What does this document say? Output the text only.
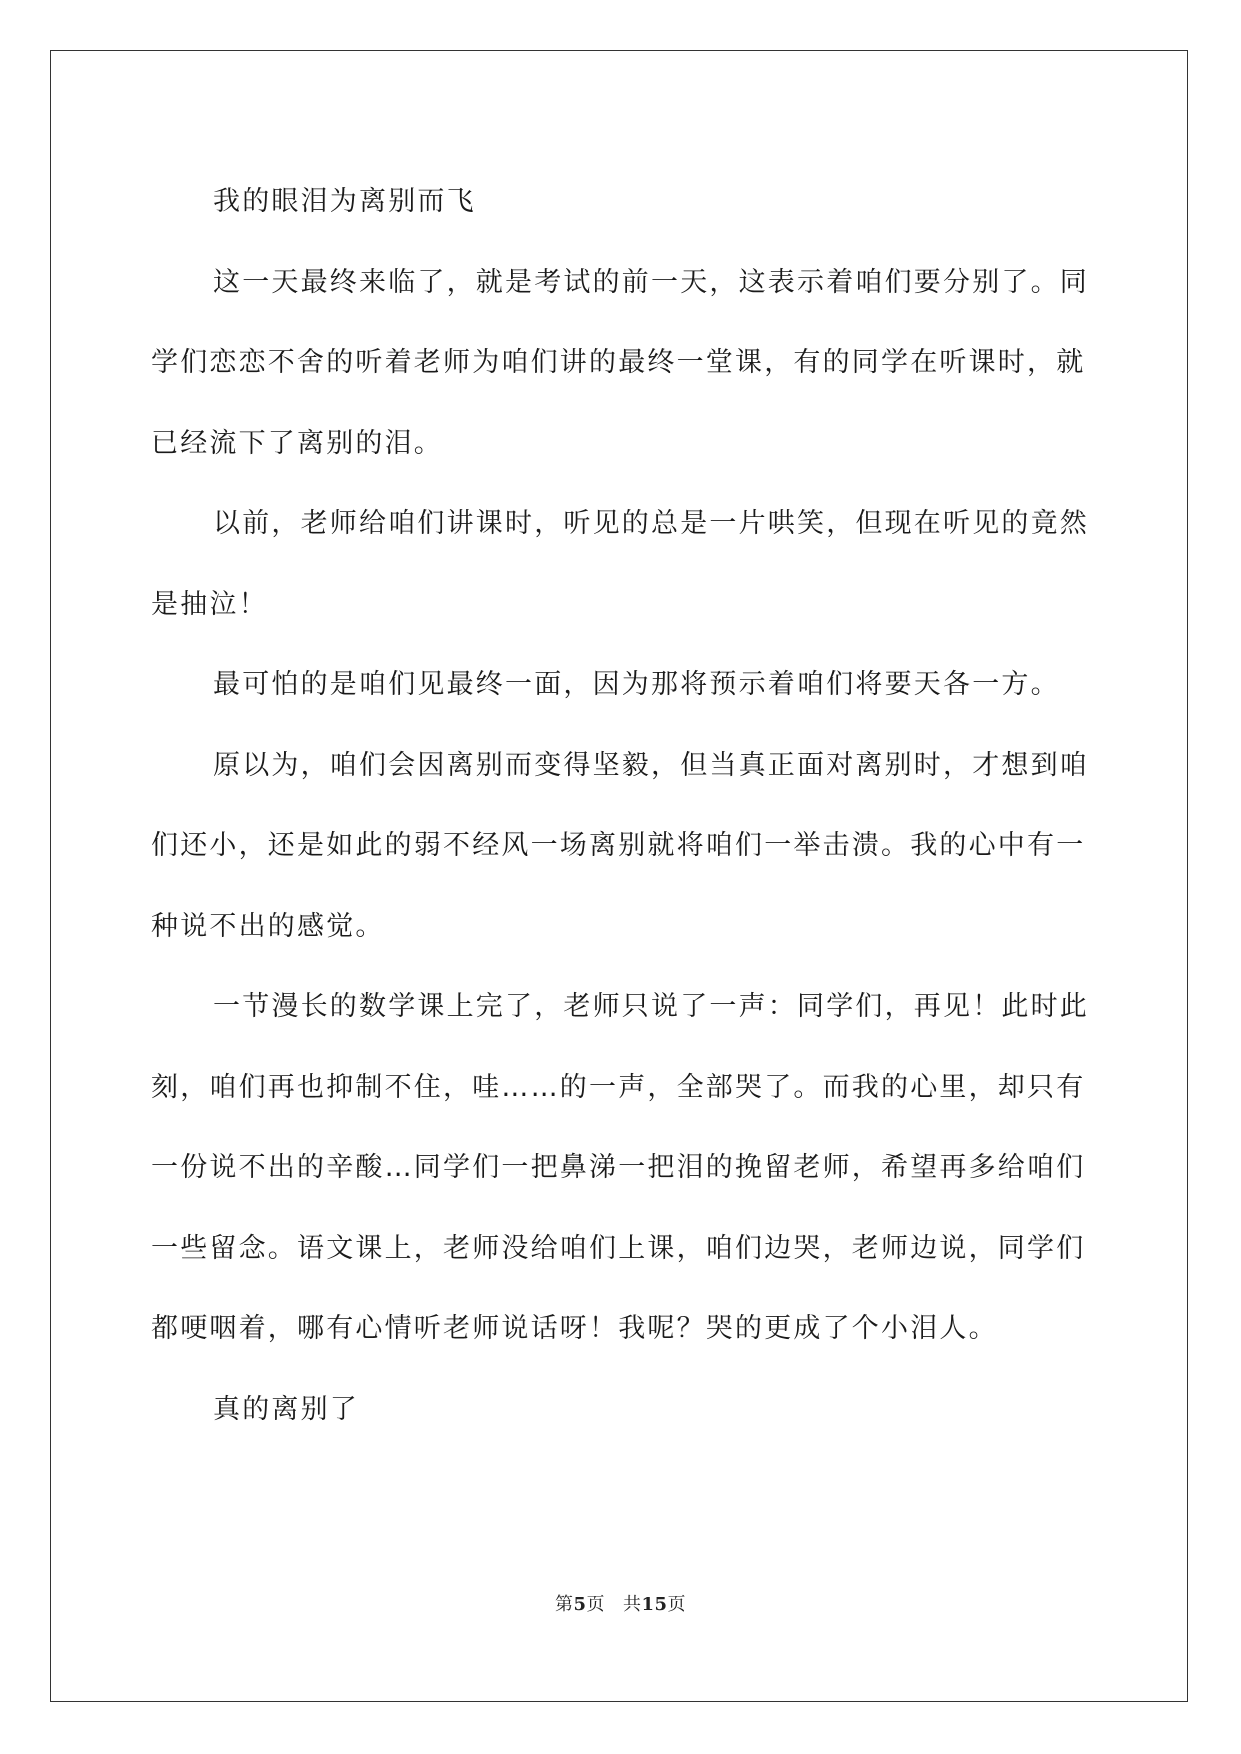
我的眼泪为离别而飞

这一天最终来临了，就是考试的前一天，这表示着咱们要分别了。同学们恋恋不舍的听着老师为咱们讲的最终一堂课，有的同学在听课时，就已经流下了离别的泪。

以前，老师给咱们讲课时，听见的总是一片哄笑，但现在听见的竟然是抽泣！

最可怕的是咱们见最终一面，因为那将预示着咱们将要天各一方。

原以为，咱们会因离别而变得坚毅，但当真正面对离别时，才想到咱们还小，还是如此的弱不经风一场离别就将咱们一举击溃。我的心中有一种说不出的感觉。

一节漫长的数学课上完了，老师只说了一声：同学们，再见！此时此刻，咱们再也抑制不住，哇……的一声，全部哭了。而我的心里，却只有一份说不出的辛酸…同学们一把鼻涕一把泪的挽留老师，希望再多给咱们一些留念。语文课上，老师没给咱们上课，咱们边哭，老师边说，同学们都哽咽着，哪有心情听老师说话呀！我呢？哭的更成了个小泪人。

真的离别了

第5页 共15页
